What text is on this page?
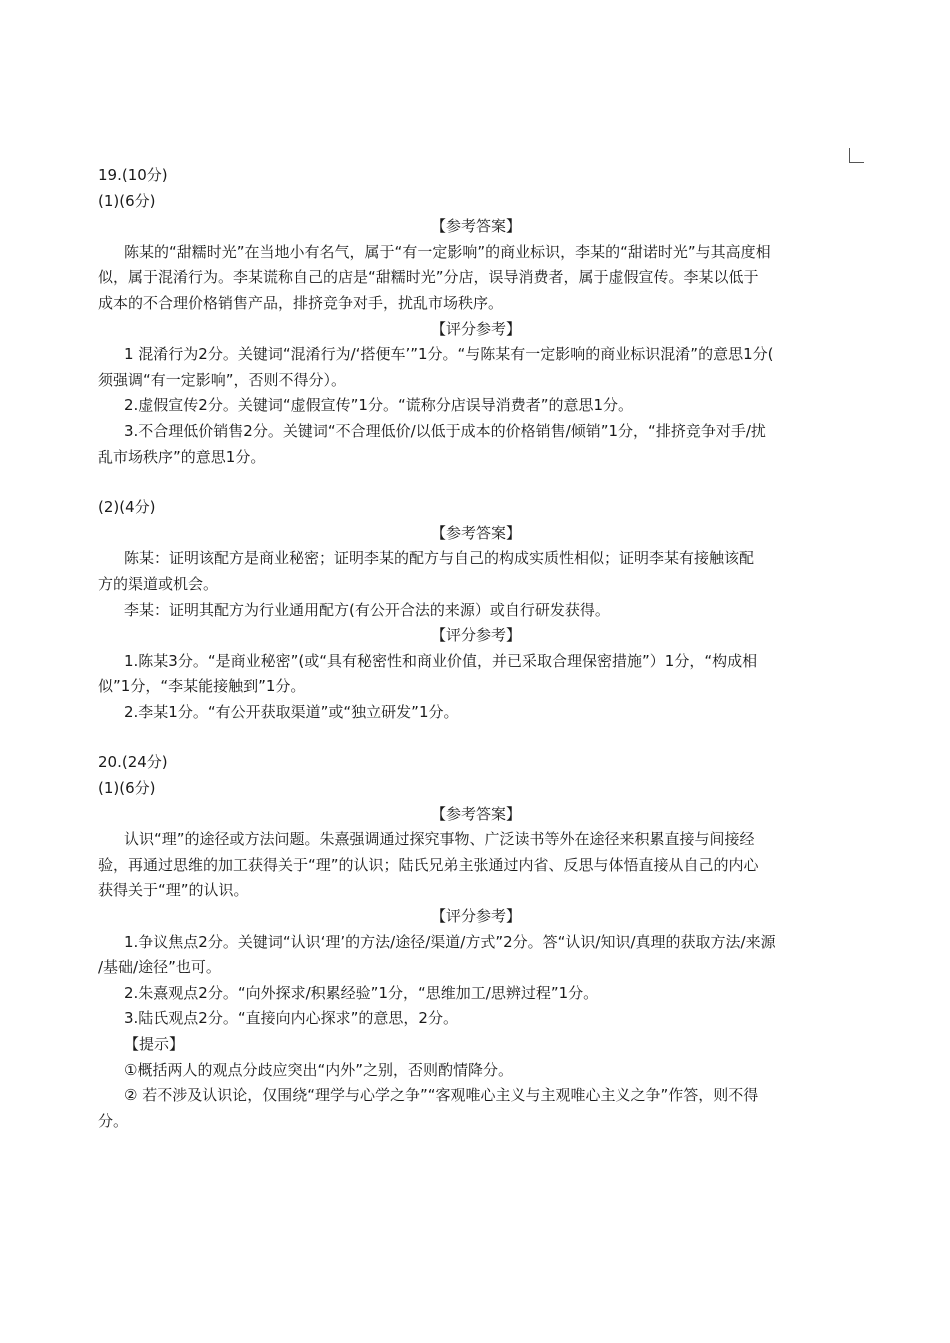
19.(10分)
(1)(6分)
【参考答案】
陈某的“甜糯时光”在当地小有名气，属于“有一定影响”的商业标识，李某的“甜诺时光”与其高度相
似，属于混淆行为。李某谎称自己的店是“甜糯时光”分店，误导消费者，属于虚假宣传。李某以低于
成本的不合理价格销售产品，排挤竞争对手，扰乱市场秩序。
【评分参考】
1 混淆行为2分。关键词“混淆行为/‘搭便车’”1分。“与陈某有一定影响的商业标识混淆”的意思1分(
须强调“有一定影响”，否则不得分）。
2.虚假宣传2分。关键词“虚假宣传”1分。“谎称分店误导消费者”的意思1分。
3.不合理低价销售2分。关键词“不合理低价/以低于成本的价格销售/倾销”1分，“排挤竞争对手/扰
乱市场秩序”的意思1分。
(2)(4分)
【参考答案】
陈某：证明该配方是商业秘密；证明李某的配方与自己的构成实质性相似；证明李某有接触该配
方的渠道或机会。
李某：证明其配方为行业通用配方(有公开合法的来源）或自行研发获得。
【评分参考】
1.陈某3分。“是商业秘密”(或“具有秘密性和商业价值，并已采取合理保密措施”）1分，“构成相
似”1分，“李某能接触到”1分。
2.李某1分。“有公开获取渠道”或“独立研发”1分。
20.(24分)
(1)(6分)
【参考答案】
认识“理”的途径或方法问题。朱熹强调通过探究事物、广泛读书等外在途径来积累直接与间接经
验，再通过思维的加工获得关于“理”的认识；陆氏兄弟主张通过内省、反思与体悟直接从自己的内心
获得关于“理”的认识。
【评分参考】
1.争议焦点2分。关键词“认识‘理’的方法/途径/渠道/方式”2分。答“认识/知识/真理的获取方法/来源
/基础/途径”也可。
2.朱熹观点2分。“向外探求/积累经验”1分，“思维加工/思辨过程”1分。
3.陆氏观点2分。“直接向内心探求”的意思，2分。
【提示】
①概括两人的观点分歧应突出“内外”之别，否则酌情降分。
② 若不涉及认识论，仅围绕“理学与心学之争”“客观唯心主义与主观唯心主义之争”作答，则不得
分。
